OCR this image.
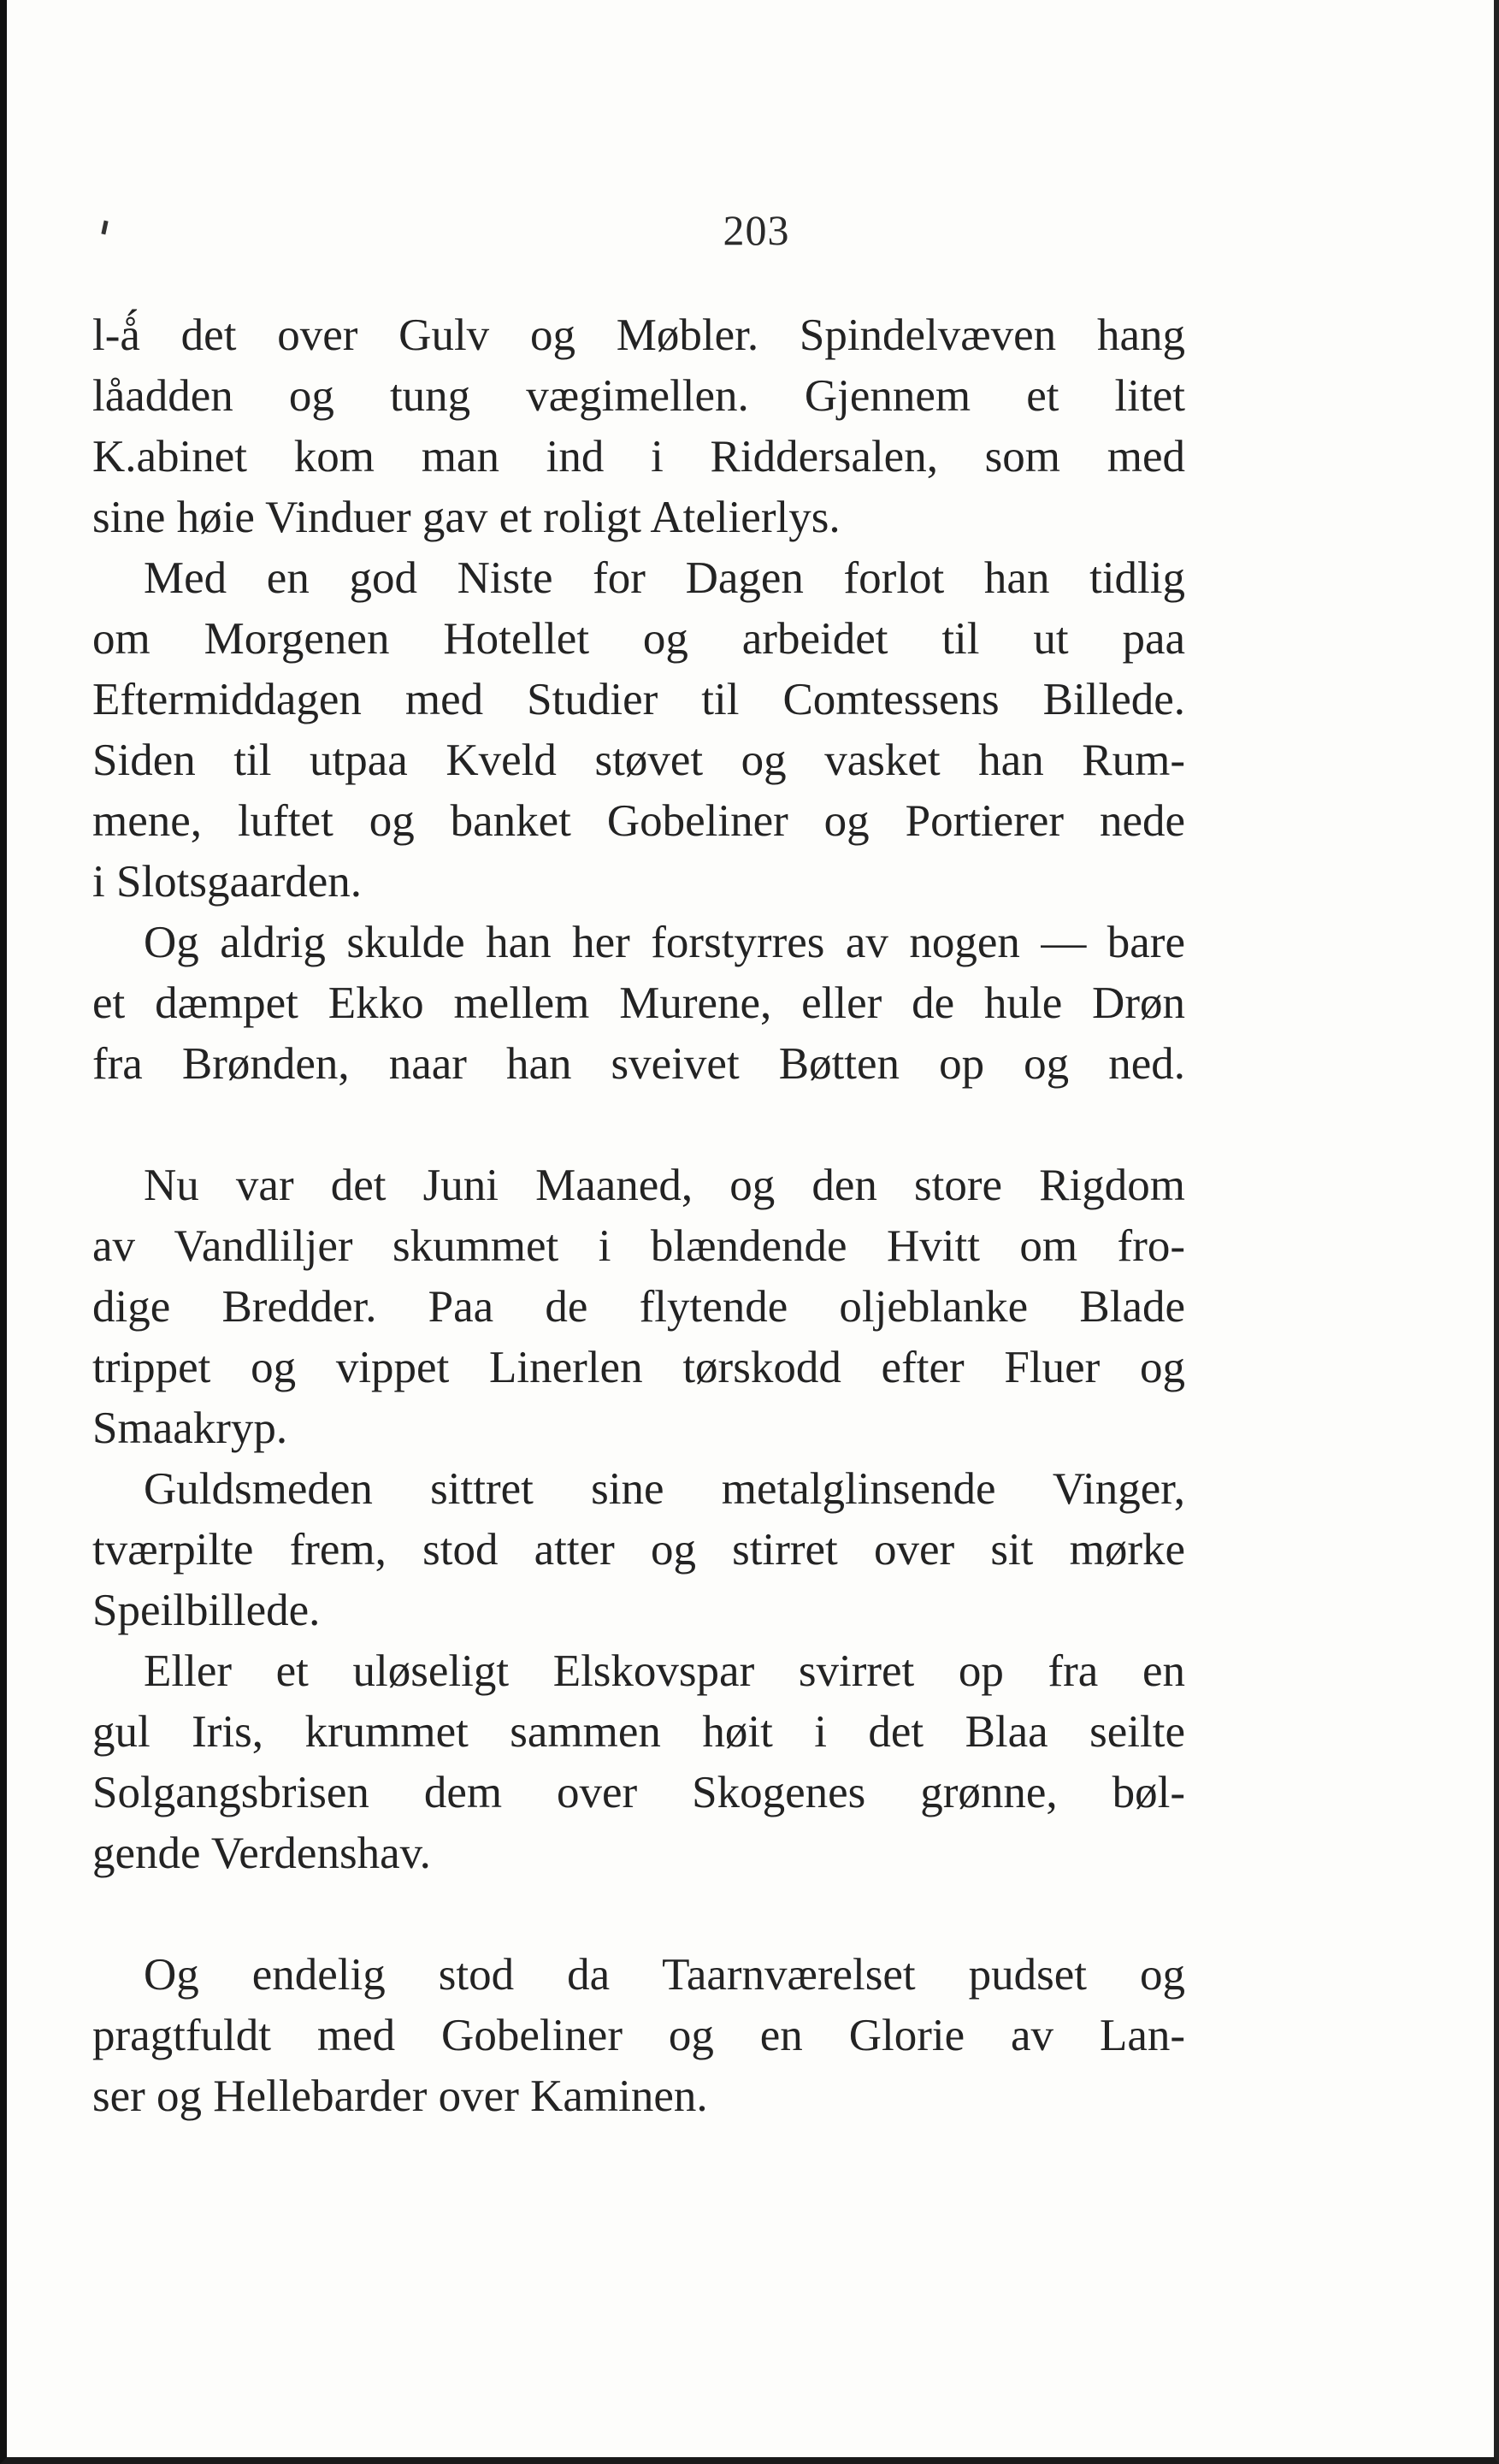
203
l-ǻ det over Gulv og Møbler. Spindelvæven hang
låadden og tung vægimellen. Gjennem et litet
K.abinet kom man ind i Riddersalen, som med
sine høie Vinduer gav et roligt Atelierlys.
Med en god Niste for Dagen forlot han tidlig
om Morgenen Hotellet og arbeidet til ut paa
Eftermiddagen med Studier til Comtessens Billede.
Siden til utpaa Kveld støvet og vasket han Rum-
mene, luftet og banket Gobeliner og Portierer nede
i Slotsgaarden.
Og aldrig skulde han her forstyrres av nogen — bare
et dæmpet Ekko mellem Murene, eller de hule Drøn
fra Brønden, naar han sveivet Bøtten op og ned.
Nu var det Juni Maaned, og den store Rigdom
av Vandliljer skummet i blændende Hvitt om fro-
dige Bredder. Paa de flytende oljeblanke Blade
trippet og vippet Linerlen tørskodd efter Fluer og
Smaakryp.
Guldsmeden sittret sine metalglinsende Vinger,
tværpilte frem, stod atter og stirret over sit mørke
Speilbillede.
Eller et uløseligt Elskovspar svirret op fra en
gul Iris, krummet sammen høit i det Blaa seilte
Solgangsbrisen dem over Skogenes grønne, bøl-
gende Verdenshav.
Og endelig stod da Taarnværelset pudset og
pragtfuldt med Gobeliner og en Glorie av Lan-
ser og Hellebarder over Kaminen.
